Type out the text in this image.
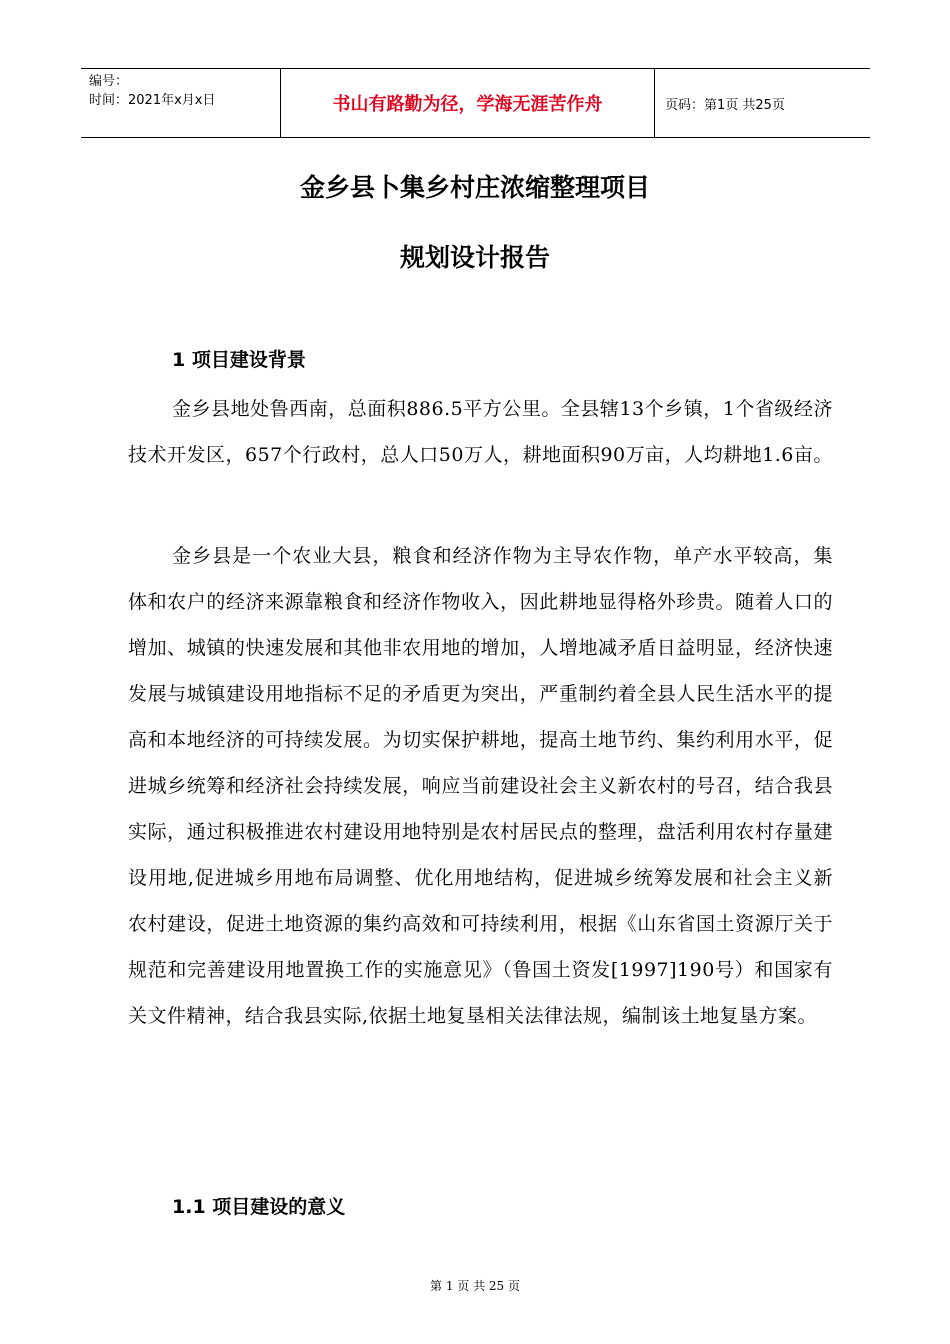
编号：
时间：2021年x月x日	书山有路勤为径，学海无涯苦作舟	页码：第1页 共25页
金乡县卜集乡村庄浓缩整理项目
规划设计报告
1 项目建设背景
金乡县地处鲁西南，总面积886.5平方公里。全县辖13个乡镇，1个省级经济技术开发区，657个行政村，总人口50万人，耕地面积90万亩，人均耕地1.6亩。
金乡县是一个农业大县，粮食和经济作物为主导农作物，单产水平较高，集体和农户的经济来源靠粮食和经济作物收入，因此耕地显得格外珍贵。随着人口的增加、城镇的快速发展和其他非农用地的增加，人增地减矛盾日益明显，经济快速发展与城镇建设用地指标不足的矛盾更为突出，严重制约着全县人民生活水平的提高和本地经济的可持续发展。为切实保护耕地，提高土地节约、集约利用水平，促进城乡统筹和经济社会持续发展，响应当前建设社会主义新农村的号召，结合我县实际，通过积极推进农村建设用地特别是农村居民点的整理，盘活利用农村存量建设用地,促进城乡用地布局调整、优化用地结构，促进城乡统筹发展和社会主义新农村建设，促进土地资源的集约高效和可持续利用，根据《山东省国土资源厅关于规范和完善建设用地置换工作的实施意见》（鲁国土资发[1997]190号）和国家有关文件精神，结合我县实际,依据土地复垦相关法律法规，编制该土地复垦方案。
1.1 项目建设的意义
第 1 页 共 25 页
